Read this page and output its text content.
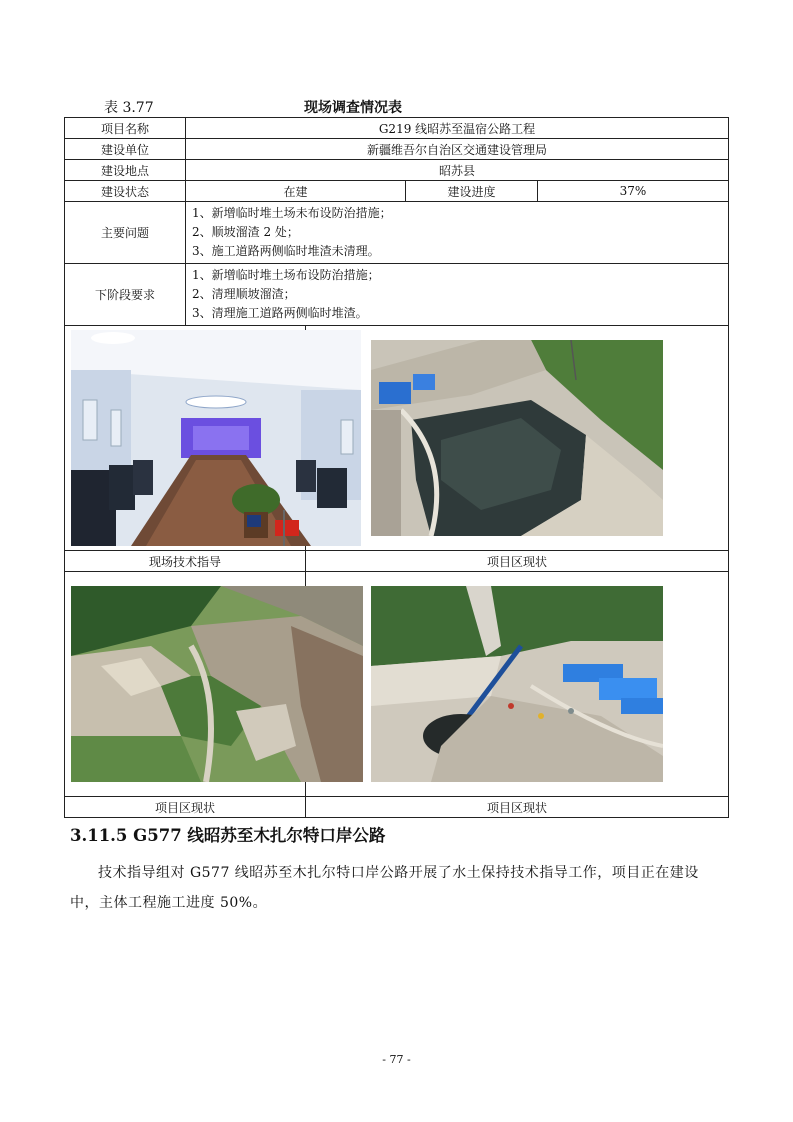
表 3.77	现场调查情况表
项目名称	G219 线昭苏至温宿公路工程			
建设单位	新疆维吾尔自治区交通建设管理局			
建设地点	昭苏县			
建设状态	在建		建设进度	37%
主要问题	1、新增临时堆土场未布设防治措施；
2、顺坡溜渣 2 处；
3、施工道路两侧临时堆渣未清理。			

下阶段要求	1、新增临时堆土场布设防治措施；
2、清理顺坡溜渣；
3、清理施工道路两侧临时堆渣。			

现场技术指导		项目区现状		

项目区现状		项目区现状		
3.11.5 G577 线昭苏至木扎尔特口岸公路

技术指导组对 G577 线昭苏至木扎尔特口岸公路开展了水土保持技术指导工作，项目正在建设中，主体工程施工进度 50%。

- 77 -
